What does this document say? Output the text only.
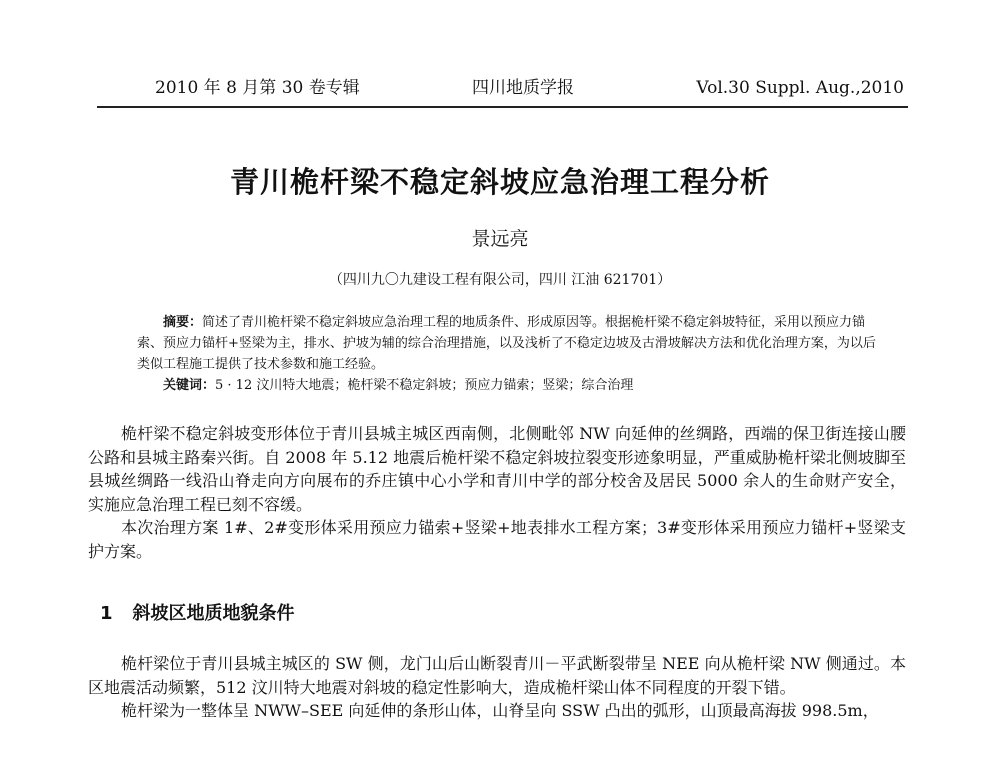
2010 年 8 月第 30 卷专辑	四川地质学报	Vol.30 Suppl. Aug.,2010
青川桅杆梁不稳定斜坡应急治理工程分析
景远亮
（四川九〇九建设工程有限公司，四川 江油 621701）

摘要：简述了青川桅杆梁不稳定斜坡应急治理工程的地质条件、形成原因等。根据桅杆梁不稳定斜坡特征，采用以预应力锚索、预应力锚杆+竖梁为主，排水、护坡为辅的综合治理措施，以及浅析了不稳定边坡及古滑坡解决方法和优化治理方案，为以后类似工程施工提供了技术参数和施工经验。

关键词：5 · 12 汶川特大地震；桅杆梁不稳定斜坡；预应力锚索；竖梁；综合治理

桅杆梁不稳定斜坡变形体位于青川县城主城区西南侧，北侧毗邻 NW 向延伸的丝绸路，西端的保卫街连接山腰公路和县城主路秦兴街。自 2008 年 5.12 地震后桅杆梁不稳定斜坡拉裂变形迹象明显，严重威胁桅杆梁北侧坡脚至县城丝绸路一线沿山脊走向方向展布的乔庄镇中心小学和青川中学的部分校舍及居民 5000 余人的生命财产安全，实施应急治理工程已刻不容缓。

本次治理方案 1#、2#变形体采用预应力锚索+竖梁+地表排水工程方案；3#变形体采用预应力锚杆+竖梁支护方案。

1 斜坡区地质地貌条件

桅杆梁位于青川县城主城区的 SW 侧，龙门山后山断裂青川－平武断裂带呈 NEE 向从桅杆梁 NW 侧通过。本区地震活动频繁，512 汶川特大地震对斜坡的稳定性影响大，造成桅杆梁山体不同程度的开裂下错。

桅杆梁为一整体呈 NWW–SEE 向延伸的条形山体，山脊呈向 SSW 凸出的弧形，山顶最高海拔 998.5m，
